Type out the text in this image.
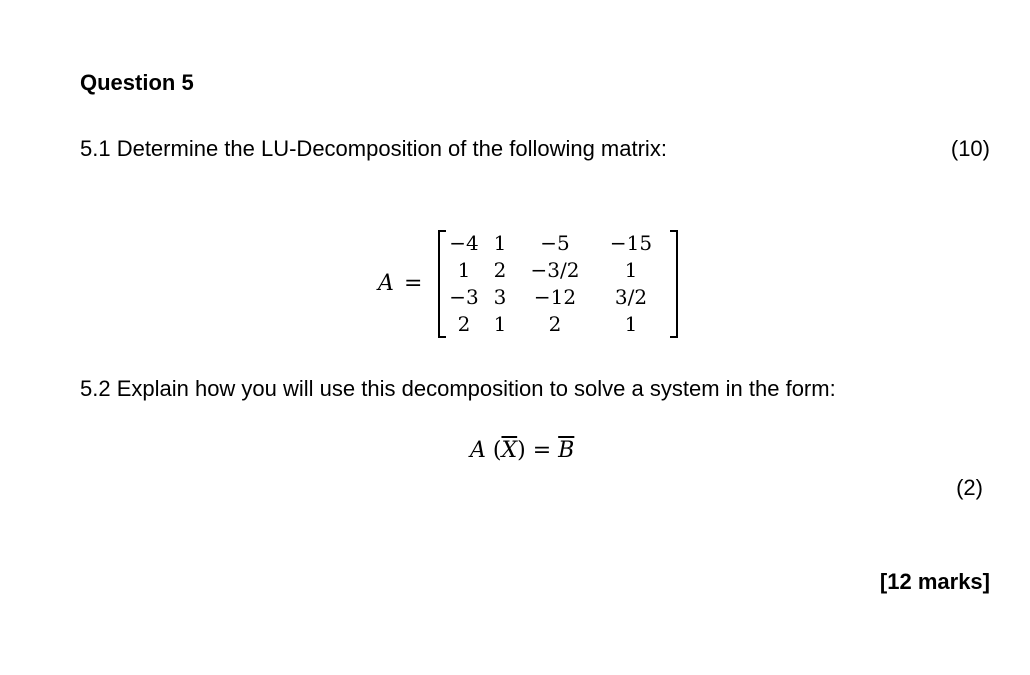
Question 5
5.1 Determine the LU-Decomposition of the following matrix:	(10)
A =
−4 1	−5	−15
1	2	−3/2	1
−3 3	−12	3/2
2	1	2	1
5.2 Explain how you will use this decomposition to solve a system in the form:
A $(\overline{X}) = \overline{B}$
(2)
[12 marks]
